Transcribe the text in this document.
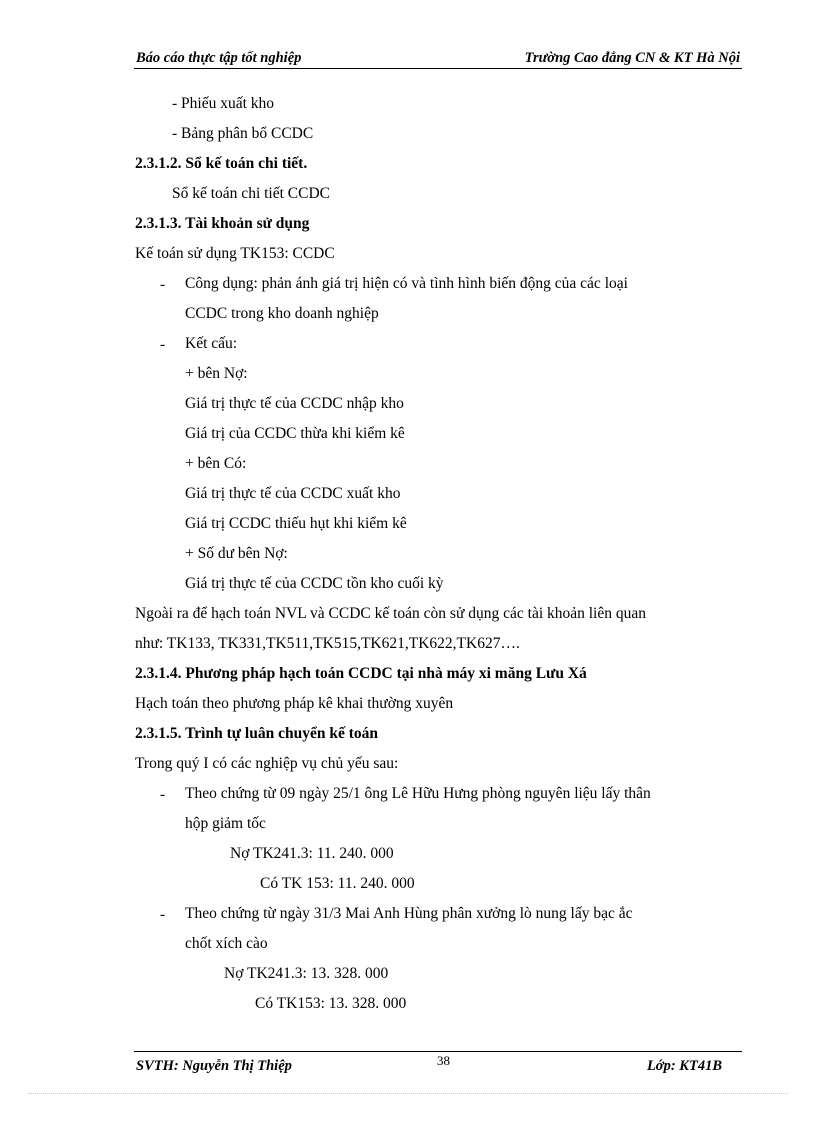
Báo cáo thực tập tốt nghiệp	Trường Cao đẳng CN & KT Hà Nội
- Phiếu xuất kho
- Bảng phân bổ CCDC
2.3.1.2. Sổ kế toán chi tiết.
Sổ kế toán chi tiết CCDC
2.3.1.3. Tài khoản sử dụng
Kế toán sử dụng TK153: CCDC
- Công dụng: phản ánh giá trị hiện có và tình hình biến động của các loại
CCDC trong kho doanh nghiệp
- Kết cấu:
+ bên Nợ:
Giá trị thực tế của CCDC nhập kho
Giá trị của CCDC thừa khi kiểm kê
+ bên Có:
Giá trị thực tế của CCDC xuất kho
Giá trị CCDC thiếu hụt khi kiểm kê
+ Số dư bên Nợ:
Giá trị thực tế của CCDC tồn kho cuối kỳ
Ngoài ra để hạch toán NVL và CCDC kế toán còn sử dụng các tài khoản liên quan
như: TK133, TK331,TK511,TK515,TK621,TK622,TK627….
2.3.1.4. Phương pháp hạch toán CCDC tại nhà máy xi măng Lưu Xá
Hạch toán theo phương pháp kê khai thường xuyên
2.3.1.5. Trình tự luân chuyển kế toán
Trong quý I có các nghiệp vụ chủ yếu sau:
- Theo chứng từ 09 ngày 25/1 ông Lê Hữu Hưng phòng nguyên liệu lấy thân
hộp giảm tốc
Nợ TK241.3: 11. 240. 000
Có TK 153: 11. 240. 000
- Theo chứng từ ngày 31/3 Mai Anh Hùng phân xưởng lò nung lấy bạc ắc
chốt xích cào
Nợ TK241.3: 13. 328. 000
Có TK153: 13. 328. 000
SVTH: Nguyễn Thị Thiệp	38	Lớp: KT41B
